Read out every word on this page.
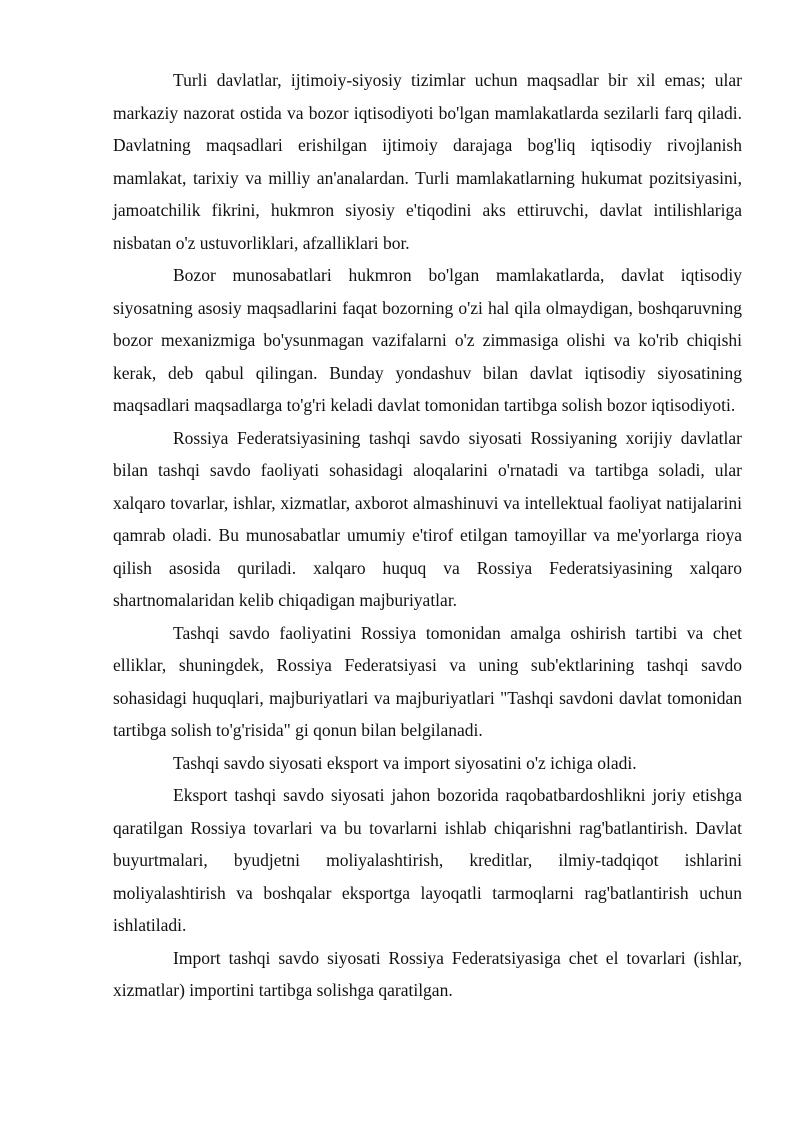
Turli davlatlar, ijtimoiy-siyosiy tizimlar uchun maqsadlar bir xil emas; ular markaziy nazorat ostida va bozor iqtisodiyoti bo'lgan mamlakatlarda sezilarli farq qiladi. Davlatning maqsadlari erishilgan ijtimoiy darajaga bog'liq iqtisodiy rivojlanish mamlakat, tarixiy va milliy an'analardan. Turli mamlakatlarning hukumat pozitsiyasini, jamoatchilik fikrini, hukmron siyosiy e'tiqodini aks ettiruvchi, davlat intilishlariga nisbatan o'z ustuvorliklari, afzalliklari bor.

Bozor munosabatlari hukmron bo'lgan mamlakatlarda, davlat iqtisodiy siyosatning asosiy maqsadlarini faqat bozorning o'zi hal qila olmaydigan, boshqaruvning bozor mexanizmiga bo'ysunmagan vazifalarni o'z zimmasiga olishi va ko'rib chiqishi kerak, deb qabul qilingan. Bunday yondashuv bilan davlat iqtisodiy siyosatining maqsadlari maqsadlarga to'g'ri keladi davlat tomonidan tartibga solish bozor iqtisodiyoti.

Rossiya Federatsiyasining tashqi savdo siyosati Rossiyaning xorijiy davlatlar bilan tashqi savdo faoliyati sohasidagi aloqalarini o'rnatadi va tartibga soladi, ular xalqaro tovarlar, ishlar, xizmatlar, axborot almashinuvi va intellektual faoliyat natijalarini qamrab oladi. Bu munosabatlar umumiy e'tirof etilgan tamoyillar va me'yorlarga rioya qilish asosida quriladi. xalqaro huquq va Rossiya Federatsiyasining xalqaro shartnomalaridan kelib chiqadigan majburiyatlar.

Tashqi savdo faoliyatini Rossiya tomonidan amalga oshirish tartibi va chet elliklar, shuningdek, Rossiya Federatsiyasi va uning sub'ektlarining tashqi savdo sohasidagi huquqlari, majburiyatlari va majburiyatlari "Tashqi savdoni davlat tomonidan tartibga solish to'g'risida" gi qonun bilan belgilanadi.

Tashqi savdo siyosati eksport va import siyosatini o'z ichiga oladi.

Eksport tashqi savdo siyosati jahon bozorida raqobatbardoshlikni joriy etishga qaratilgan Rossiya tovarlari va bu tovarlarni ishlab chiqarishni rag'batlantirish. Davlat buyurtmalari, byudjetni moliyalashtirish, kreditlar, ilmiy-tadqiqot ishlarini moliyalashtirish va boshqalar eksportga layoqatli tarmoqlarni rag'batlantirish uchun ishlatiladi.

Import tashqi savdo siyosati Rossiya Federatsiyasiga chet el tovarlari (ishlar, xizmatlar) importini tartibga solishga qaratilgan.
